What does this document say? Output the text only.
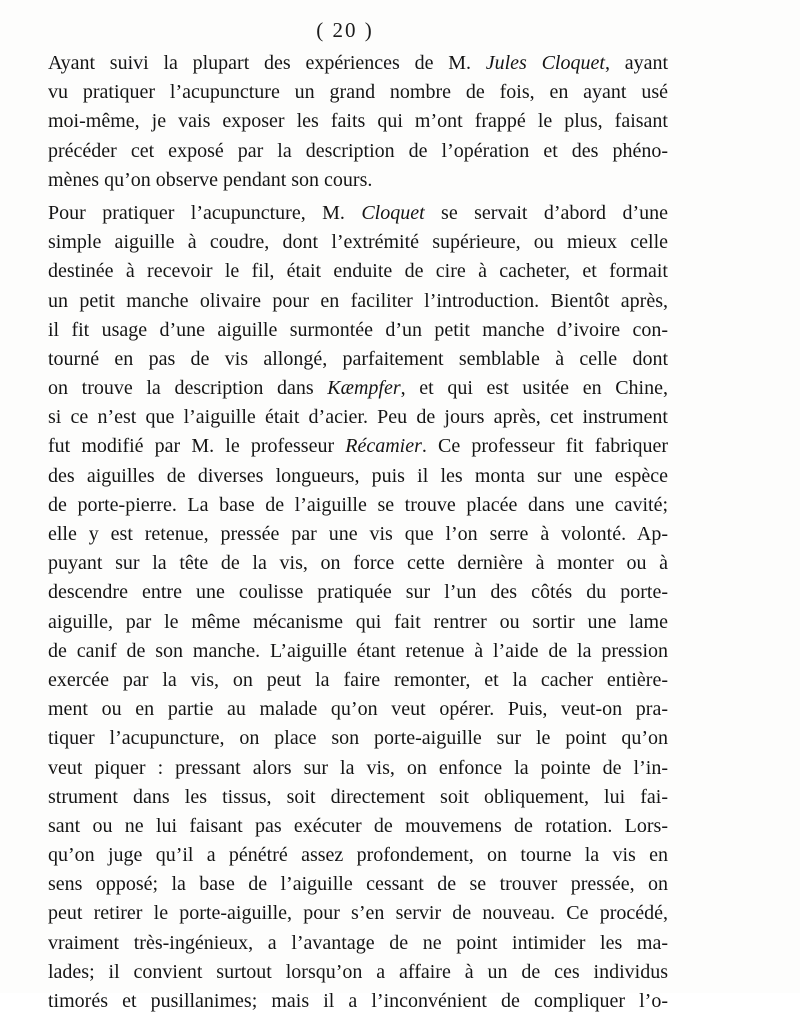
( 20 )
Ayant suivi la plupart des expériences de M. Jules Cloquet, ayant
vu pratiquer l’acupuncture un grand nombre de fois, en ayant usé
moi-même, je vais exposer les faits qui m’ont frappé le plus, faisant
précéder cet exposé par la description de l’opération et des phéno-
mènes qu’on observe pendant son cours.
Pour pratiquer l’acupuncture, M. Cloquet se servait d’abord d’une
simple aiguille à coudre, dont l’extrémité supérieure, ou mieux celle
destinée à recevoir le fil, était enduite de cire à cacheter, et formait
un petit manche olivaire pour en faciliter l’introduction. Bientôt après,
il fit usage d’une aiguille surmontée d’un petit manche d’ivoire con-
tourné en pas de vis allongé, parfaitement semblable à celle dont
on trouve la description dans Kæmpfer, et qui est usitée en Chine,
si ce n’est que l’aiguille était d’acier. Peu de jours après, cet instrument
fut modifié par M. le professeur Récamier. Ce professeur fit fabriquer
des aiguilles de diverses longueurs, puis il les monta sur une espèce
de porte-pierre. La base de l’aiguille se trouve placée dans une cavité;
elle y est retenue, pressée par une vis que l’on serre à volonté. Ap-
puyant sur la tête de la vis, on force cette dernière à monter ou à
descendre entre une coulisse pratiquée sur l’un des côtés du porte-
aiguille, par le même mécanisme qui fait rentrer ou sortir une lame
de canif de son manche. L’aiguille étant retenue à l’aide de la pression
exercée par la vis, on peut la faire remonter, et la cacher entière-
ment ou en partie au malade qu’on veut opérer. Puis, veut-on pra-
tiquer l’acupuncture, on place son porte-aiguille sur le point qu’on
veut piquer : pressant alors sur la vis, on enfonce la pointe de l’in-
strument dans les tissus, soit directement soit obliquement, lui fai-
sant ou ne lui faisant pas exécuter de mouvemens de rotation. Lors-
qu’on juge qu’il a pénétré assez profondement, on tourne la vis en
sens opposé; la base de l’aiguille cessant de se trouver pressée, on
peut retirer le porte-aiguille, pour s’en servir de nouveau. Ce procédé,
vraiment très-ingénieux, a l’avantage de ne point intimider les ma-
lades; il convient surtout lorsqu’on a affaire à un de ces individus
timorés et pusillanimes; mais il a l’inconvénient de compliquer l’o-
